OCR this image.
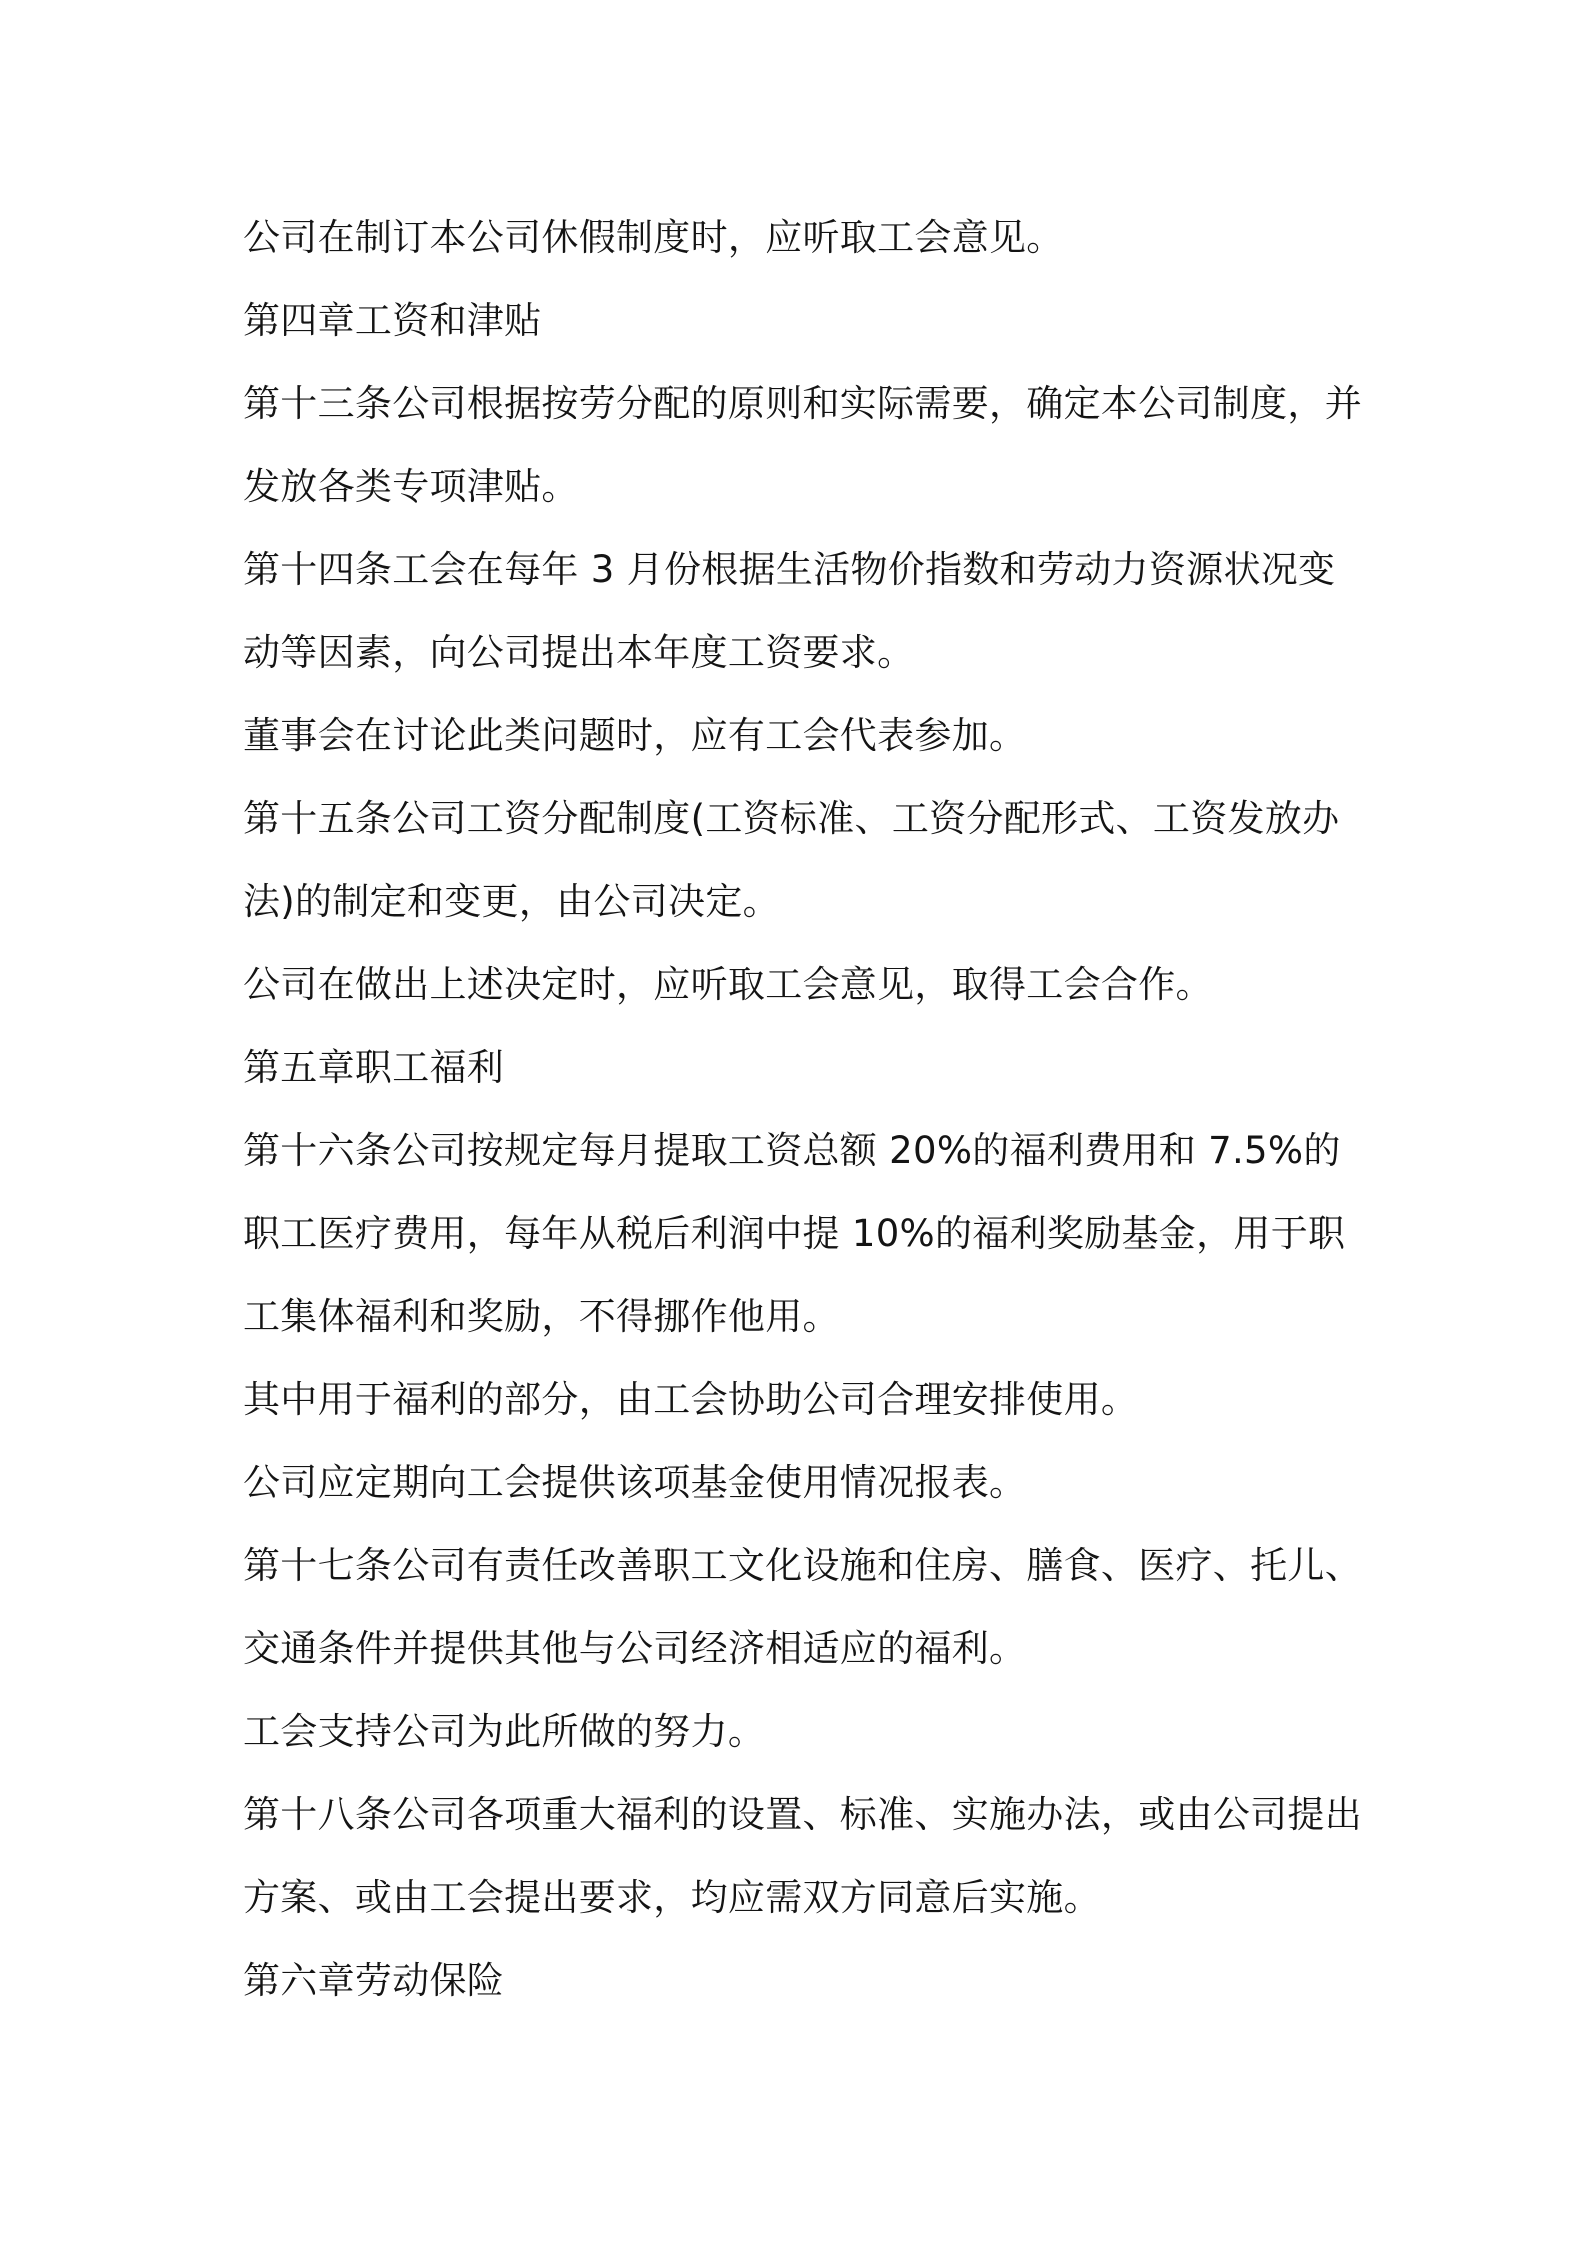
公司在制订本公司休假制度时，应听取工会意见。
第四章工资和津贴
第十三条公司根据按劳分配的原则和实际需要，确定本公司制度，并
发放各类专项津贴。
第十四条工会在每年 3 月份根据生活物价指数和劳动力资源状况变
动等因素，向公司提出本年度工资要求。
董事会在讨论此类问题时，应有工会代表参加。
第十五条公司工资分配制度(工资标准、工资分配形式、工资发放办
法)的制定和变更，由公司决定。
公司在做出上述决定时，应听取工会意见，取得工会合作。
第五章职工福利
第十六条公司按规定每月提取工资总额 20%的福利费用和 7.5%的
职工医疗费用，每年从税后利润中提 10%的福利奖励基金，用于职
工集体福利和奖励，不得挪作他用。
其中用于福利的部分，由工会协助公司合理安排使用。
公司应定期向工会提供该项基金使用情况报表。
第十七条公司有责任改善职工文化设施和住房、膳食、医疗、托儿、
交通条件并提供其他与公司经济相适应的福利。
工会支持公司为此所做的努力。
第十八条公司各项重大福利的设置、标准、实施办法，或由公司提出
方案、或由工会提出要求，均应需双方同意后实施。
第六章劳动保险
